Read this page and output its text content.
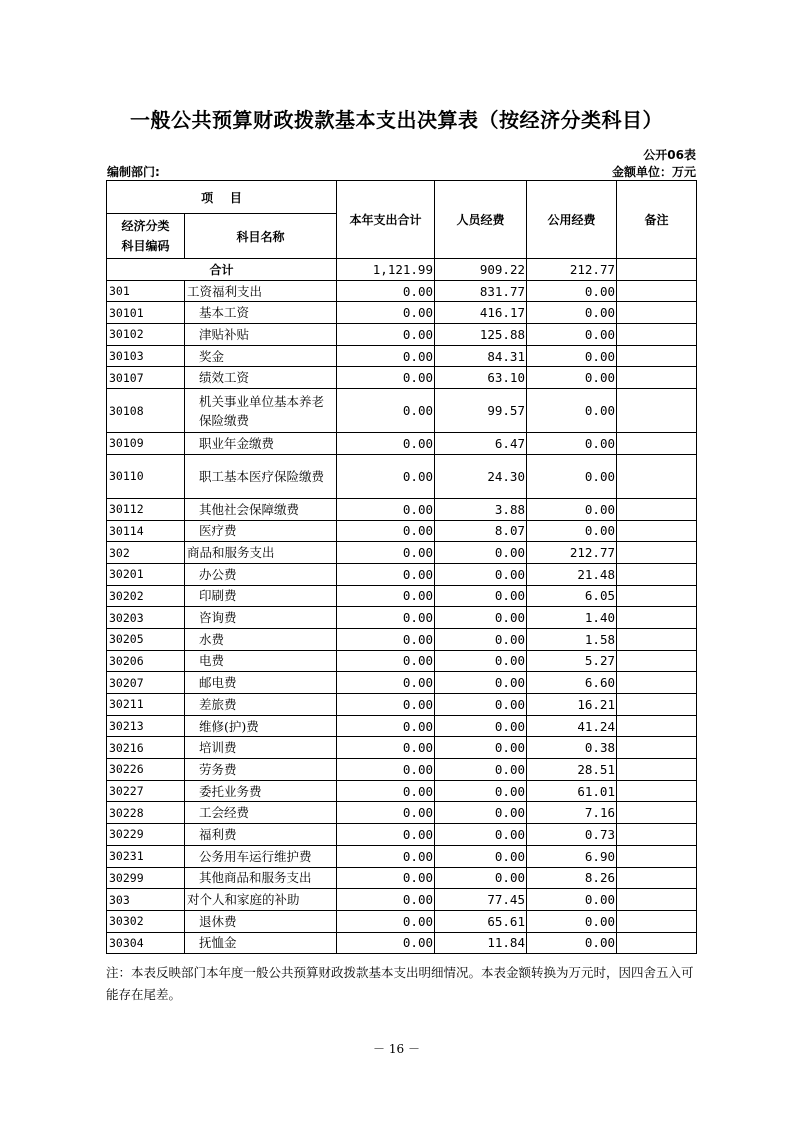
一般公共预算财政拨款基本支出决算表（按经济分类科目）
公开06表
编制部门:	金额单位：万元
项    目		本年支出合计	人员经费	公用经费	备注
经济分类
科目编码	科目名称				
合计		1,121.99	909.22	212.77	
301	工资福利支出	0.00	831.77	0.00	
30101	基本工资	0.00	416.17	0.00	
30102	津贴补贴	0.00	125.88	0.00	
30103	奖金	0.00	84.31	0.00	
30107	绩效工资	0.00	63.10	0.00	
30108	机关事业单位基本养老保险缴费	0.00	99.57	0.00	
30109	职业年金缴费	0.00	6.47	0.00	
30110	职工基本医疗保险缴费	0.00	24.30	0.00	
30112	其他社会保障缴费	0.00	3.88	0.00	
30114	医疗费	0.00	8.07	0.00	
302	商品和服务支出	0.00	0.00	212.77	
30201	办公费	0.00	0.00	21.48	
30202	印刷费	0.00	0.00	6.05	
30203	咨询费	0.00	0.00	1.40	
30205	水费	0.00	0.00	1.58	
30206	电费	0.00	0.00	5.27	
30207	邮电费	0.00	0.00	6.60	
30211	差旅费	0.00	0.00	16.21	
30213	维修(护)费	0.00	0.00	41.24	
30216	培训费	0.00	0.00	0.38	
30226	劳务费	0.00	0.00	28.51	
30227	委托业务费	0.00	0.00	61.01	
30228	工会经费	0.00	0.00	7.16	
30229	福利费	0.00	0.00	0.73	
30231	公务用车运行维护费	0.00	0.00	6.90	
30299	其他商品和服务支出	0.00	0.00	8.26	
303	对个人和家庭的补助	0.00	77.45	0.00	
30302	退休费	0.00	65.61	0.00	
30304	抚恤金	0.00	11.84	0.00	
注：本表反映部门本年度一般公共预算财政拨款基本支出明细情况。本表金额转换为万元时，因四舍五入可能存在尾差。
－ 16 －
